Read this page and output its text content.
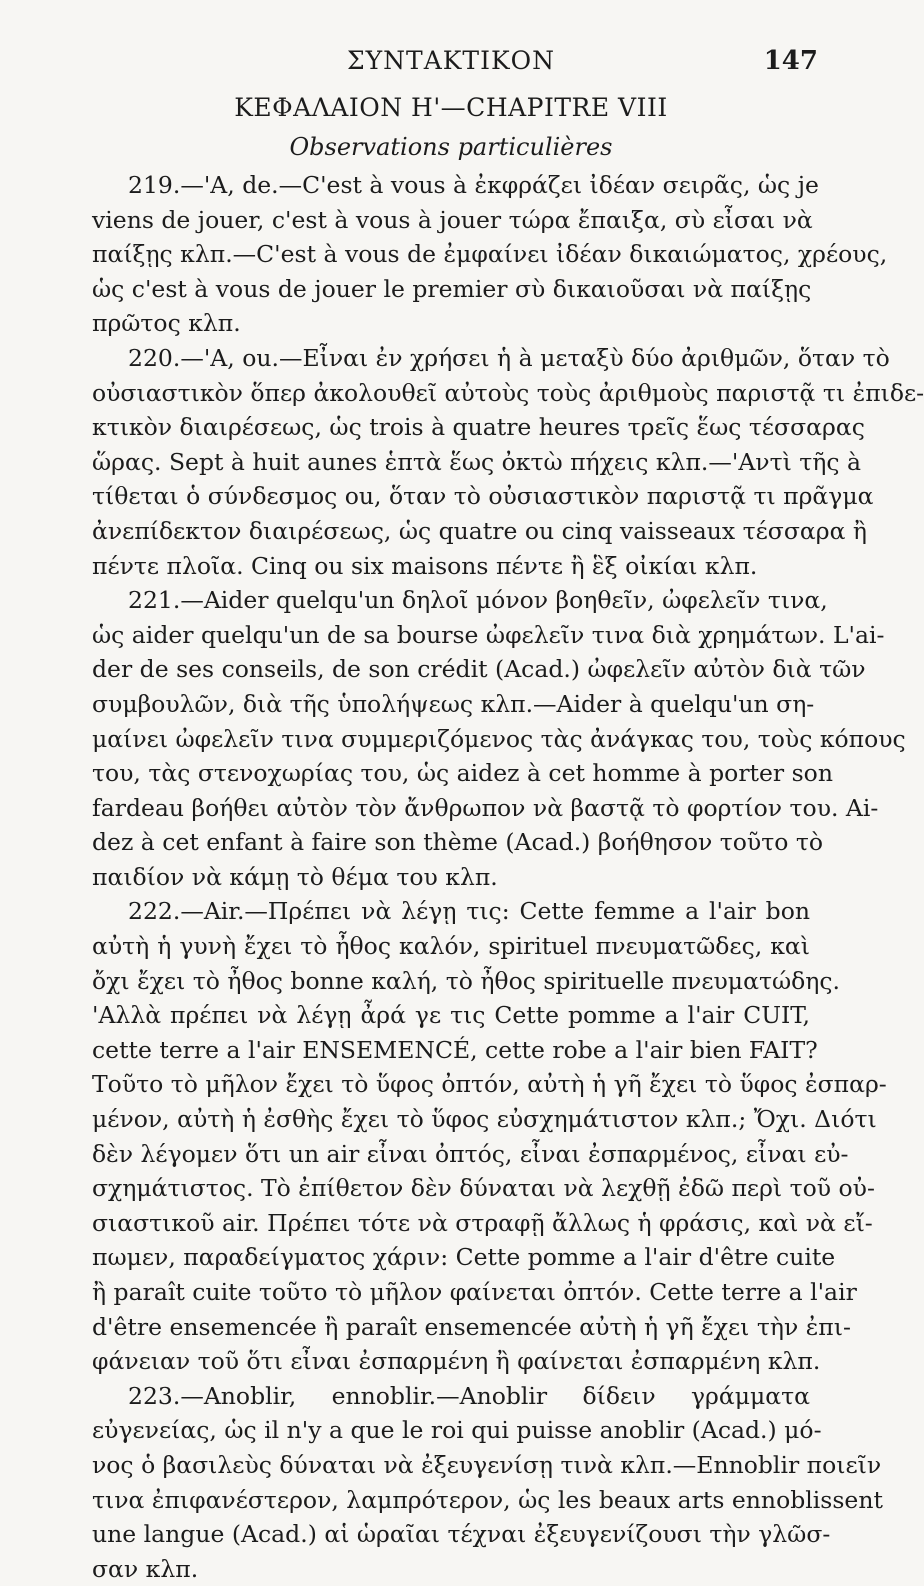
ΣΥΝΤΑΚΤΙΚΟΝ	147
ΚΕΦΑΛΑΙΟΝ Η'—CHAPITRE VIII
Observations particulières
219.—'A, de.—C'est à vous à ἐκφράζει ἰδέαν σειρᾶς, ὡς je
viens de jouer, c'est à vous à jouer τώρα ἔπαιξα, σὺ εἶσαι νὰ
παίξῃς κλπ.—C'est à vous de ἐμφαίνει ἰδέαν δικαιώματος, χρέους,
ὡς c'est à vous de jouer le premier σὺ δικαιοῦσαι νὰ παίξῃς
πρῶτος κλπ.
220.—'A, ou.—Εἶναι ἐν χρήσει ἡ à μεταξὺ δύο ἀριθμῶν, ὅταν τὸ
οὐσιαστικὸν ὅπερ ἀκολουθεῖ αὐτοὺς τοὺς ἀριθμοὺς παριστᾷ τι ἐπιδε-
κτικὸν διαιρέσεως, ὡς trois à quatre heures τρεῖς ἕως τέσσαρας
ὥρας. Sept à huit aunes ἑπτὰ ἕως ὀκτὼ πήχεις κλπ.—'Αντὶ τῆς à
τίθεται ὁ σύνδεσμος ou, ὅταν τὸ οὐσιαστικὸν παριστᾷ τι πρᾶγμα
ἀνεπίδεκτον διαιρέσεως, ὡς quatre ou cinq vaisseaux τέσσαρα ἢ
πέντε πλοῖα. Cinq ou six maisons πέντε ἢ ἓξ οἰκίαι κλπ.
221.—Aider quelqu'un δηλοῖ μόνον βοηθεῖν, ὠφελεῖν τινα,
ὡς aider quelqu'un de sa bourse ὠφελεῖν τινα διὰ χρημάτων. L'ai-
der de ses conseils, de son crédit (Acad.) ὠφελεῖν αὐτὸν διὰ τῶν
συμβουλῶν, διὰ τῆς ὑπολήψεως κλπ.—Aider à quelqu'un ση-
μαίνει ὠφελεῖν τινα συμμεριζόμενος τὰς ἀνάγκας του, τοὺς κόπους
του, τὰς στενοχωρίας του, ὡς aidez à cet homme à porter son
fardeau βοήθει αὐτὸν τὸν ἄνθρωπον νὰ βαστᾷ τὸ φορτίον του. Ai-
dez à cet enfant à faire son thème (Acad.) βοήθησον τοῦτο τὸ
παιδίον νὰ κάμῃ τὸ θέμα του κλπ.
222.—Air.—Πρέπει νὰ λέγῃ τις: Cette femme a l'air bon
αὐτὴ ἡ γυνὴ ἔχει τὸ ἦθος καλόν, spirituel πνευματῶδες, καὶ
ὄχι ἔχει τὸ ἦθος bonne καλή, τὸ ἦθος spirituelle πνευματώδης.
'Αλλὰ πρέπει νὰ λέγῃ ἆρά γε τις Cette pomme a l'air CUIT,
cette terre a l'air ENSEMENCÉ, cette robe a l'air bien FAIT?
Τοῦτο τὸ μῆλον ἔχει τὸ ὕφος ὀπτόν, αὐτὴ ἡ γῆ ἔχει τὸ ὕφος ἐσπαρ-
μένον, αὐτὴ ἡ ἐσθὴς ἔχει τὸ ὕφος εὐσχημάτιστον κλπ.; Ὄχι. Διότι
δὲν λέγομεν ὅτι un air εἶναι ὀπτός, εἶναι ἐσπαρμένος, εἶναι εὐ-
σχημάτιστος. Τὸ ἐπίθετον δὲν δύναται νὰ λεχθῇ ἐδῶ περὶ τοῦ οὐ-
σιαστικοῦ air. Πρέπει τότε νὰ στραφῇ ἄλλως ἡ φράσις, καὶ νὰ εἴ-
πωμεν, παραδείγματος χάριν: Cette pomme a l'air d'être cuite
ἢ paraît cuite τοῦτο τὸ μῆλον φαίνεται ὀπτόν. Cette terre a l'air
d'être ensemencée ἢ paraît ensemencée αὐτὴ ἡ γῆ ἔχει τὴν ἐπι-
φάνειαν τοῦ ὅτι εἶναι ἐσπαρμένη ἢ φαίνεται ἐσπαρμένη κλπ.
223.—Anoblir, ennoblir.—Anoblir δίδειν γράμματα
εὐγενείας, ὡς il n'y a que le roi qui puisse anoblir (Acad.) μό-
νος ὁ βασιλεὺς δύναται νὰ ἐξευγενίσῃ τινὰ κλπ.—Ennoblir ποιεῖν
τινα ἐπιφανέστερον, λαμπρότερον, ὡς les beaux arts ennoblissent
une langue (Acad.) αἱ ὡραῖαι τέχναι ἐξευγενίζουσι τὴν γλῶσ-
σαν κλπ.
